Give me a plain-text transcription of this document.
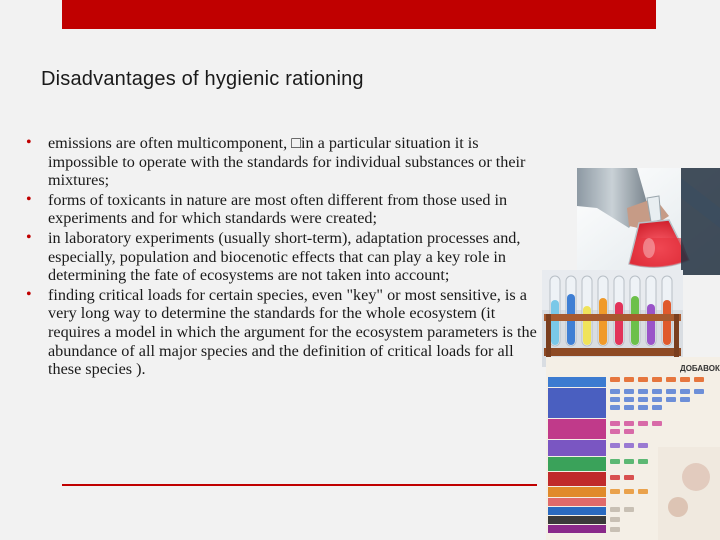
Disadvantages of hygienic rationing
• emissions are often multicomponent, □in a particular situation it is impossible to operate with the standards for individual substances or their mixtures;
• forms of toxicants in nature are most often different from those used in experiments and for which standards were created;
• in laboratory experiments (usually short-term), adaptation processes and, especially, population and biocenotic effects that can play a key role in determining the fate of ecosystems are not taken into account;
• finding critical loads for certain species, even "key" or most sensitive, is a very long way to determine the standards for the whole ecosystem (it requires a model in which the argument for the ecosystem parameters is the abundance of all major species and the definition of critical loads for all these species ).	ДОБАВОК
